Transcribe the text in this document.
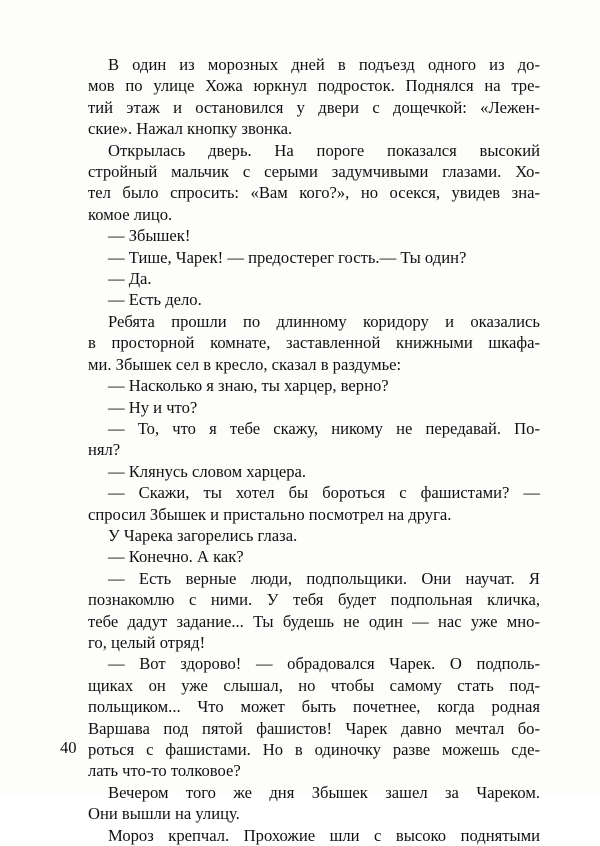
В один из морозных дней в подъезд одного из до-
мов по улице Хожа юркнул подросток. Поднялся на тре-
тий этаж и остановился у двери с дощечкой: «Лежен-
ские». Нажал кнопку звонка.
Открылась дверь. На пороге показался высокий
стройный мальчик с серыми задумчивыми глазами. Хо-
тел было спросить: «Вам кого?», но осекся, увидев зна-
комое лицо.
— Збышек!
— Тише, Чарек! — предостерег гость.— Ты один?
— Да.
— Есть дело.
Ребята прошли по длинному коридору и оказались
в просторной комнате, заставленной книжными шкафа-
ми. Збышек сел в кресло, сказал в раздумье:
— Насколько я знаю, ты харцер, верно?
— Ну и что?
— То, что я тебе скажу, никому не передавай. По-
нял?
— Клянусь словом харцера.
— Скажи, ты хотел бы бороться с фашистами? —
спросил Збышек и пристально посмотрел на друга.
У Чарека загорелись глаза.
— Конечно. А как?
— Есть верные люди, подпольщики. Они научат. Я
познакомлю с ними. У тебя будет подпольная кличка,
тебе дадут задание... Ты будешь не один — нас уже мно-
го, целый отряд!
— Вот здорово! — обрадовался Чарек. О подполь-
щиках он уже слышал, но чтобы самому стать под-
польщиком... Что может быть почетнее, когда родная
Варшава под пятой фашистов! Чарек давно мечтал бо-
роться с фашистами. Но в одиночку разве можешь сде-
лать что-то толковое?
Вечером того же дня Збышек зашел за Чареком.
Они вышли на улицу.
Мороз крепчал. Прохожие шли с высоко поднятыми
40
